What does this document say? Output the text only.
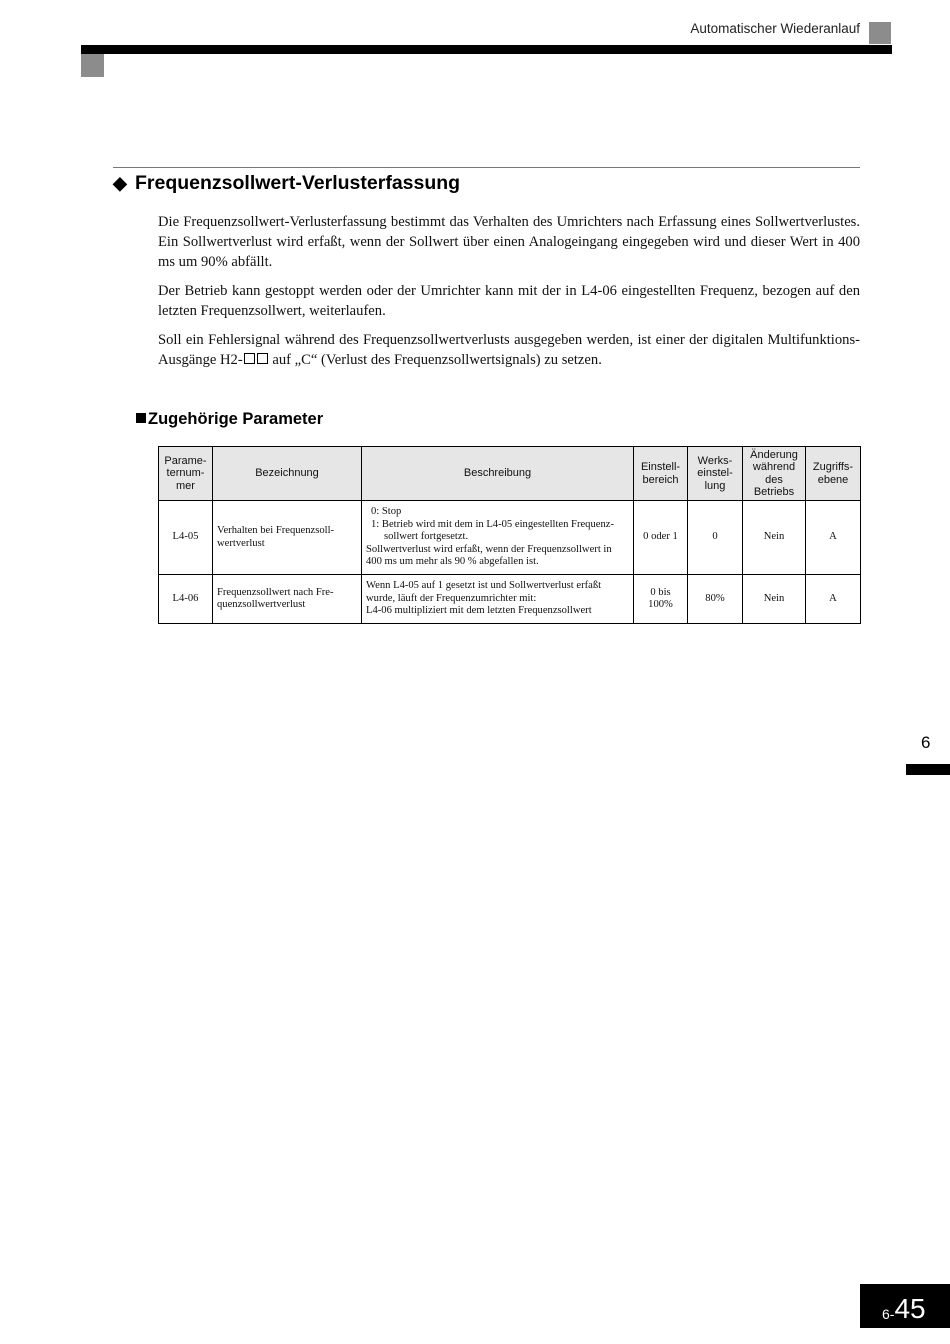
Automatischer Wiederanlauf
◆ Frequenzsollwert-Verlusterfassung

Die Frequenzsollwert-Verlusterfassung bestimmt das Verhalten des Umrichters nach Erfassung eines Sollwertverlustes. Ein Sollwertverlust wird erfaßt, wenn der Sollwert über einen Analogeingang eingegeben wird und dieser Wert in 400 ms um 90% abfällt.

Der Betrieb kann gestoppt werden oder der Umrichter kann mit der in L4-06 eingestellten Frequenz, bezogen auf den letzten Frequenzsollwert, weiterlaufen.

Soll ein Fehlersignal während des Frequenzsollwertverlusts ausgegeben werden, ist einer der digitalen Multifunktions-Ausgänge H2- auf „C“ (Verlust des Frequenzsollwertsignals) zu setzen.

Zugehörige Parameter
Parame-
ternum-
mer	Bezeichnung	Beschreibung	Einstell-
bereich	Werks-
einstel-
lung	Änderung
während
des
Betriebs	Zugriffs-
ebene

L4-05	Verhalten bei Frequenzsoll-
wertverlust	0: Stop
1: Betrieb wird mit dem in L4-05 eingestellten Frequenz-
sollwert fortgesetzt.
Sollwertverlust wird erfaßt, wenn der Frequenzsollwert in
400 ms um mehr als 90 % abgefallen ist.	0 oder 1	0	Nein	A
L4-06	Frequenzsollwert nach Fre-
quenzsollwertverlust	Wenn L4-05 auf 1 gesetzt ist und Sollwertverlust erfaßt
wurde, läuft der Frequenzumrichter mit:
L4-06 multipliziert mit dem letzten Frequenzsollwert	0 bis
100%	80%	Nein	A
6
6- 45
